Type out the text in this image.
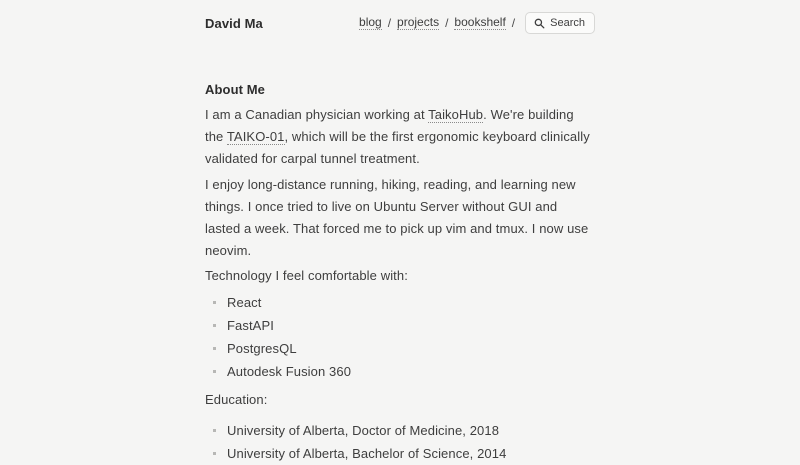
David Ma	blog / projects / bookshelf /	Search
About Me

I am a Canadian physician working at TaikoHub. We're building the TAIKO-01, which will be the first ergonomic keyboard clinically validated for carpal tunnel treatment.

I enjoy long-distance running, hiking, reading, and learning new things. I once tried to live on Ubuntu Server without GUI and lasted a week. That forced me to pick up vim and tmux. I now use neovim.

Technology I feel comfortable with:

React
FastAPI
PostgresQL
Autodesk Fusion 360

Education:

University of Alberta, Doctor of Medicine, 2018
University of Alberta, Bachelor of Science, 2014
